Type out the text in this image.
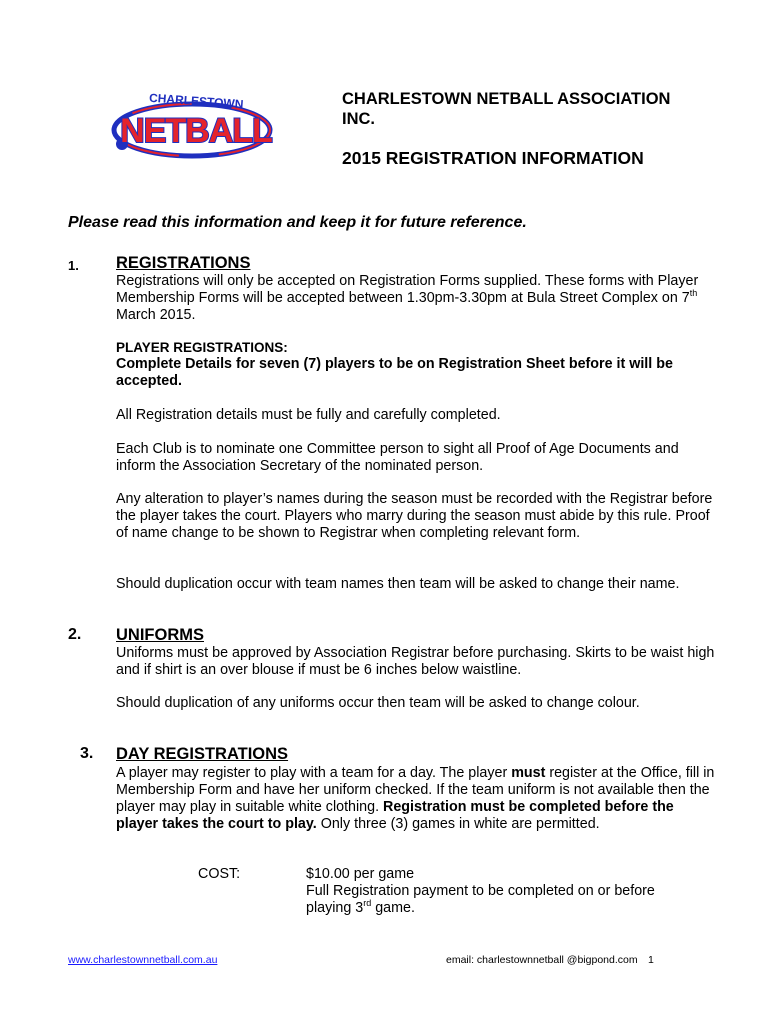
CHARLESTOWN
NETBALL
CHARLESTOWN NETBALL ASSOCIATION
INC.
2015 REGISTRATION INFORMATION
Please read this information and keep it for future reference.
1. REGISTRATIONS
Registrations will only be accepted on Registration Forms supplied. These forms with Player Membership Forms will be accepted between 1.30pm-3.30pm at Bula Street Complex on 7th March 2015.
PLAYER REGISTRATIONS:
Complete Details for seven (7) players to be on Registration Sheet before it will be accepted.
All Registration details must be fully and carefully completed.
Each Club is to nominate one Committee person to sight all Proof of Age Documents and inform the Association Secretary of the nominated person.
Any alteration to player’s names during the season must be recorded with the Registrar before the player takes the court. Players who marry during the season must abide by this rule. Proof of name change to be shown to Registrar when completing relevant form.
Should duplication occur with team names then team will be asked to change their name.
2. UNIFORMS
Uniforms must be approved by Association Registrar before purchasing. Skirts to be waist high and if shirt is an over blouse if must be 6 inches below waistline.
Should duplication of any uniforms occur then team will be asked to change colour.
3. DAY REGISTRATIONS
A player may register to play with a team for a day. The player must register at the Office, fill in Membership Form and have her uniform checked. If the team uniform is not available then the player may play in suitable white clothing. Registration must be completed before the player takes the court to play. Only three (3) games in white are permitted.
COST:	$10.00 per game
Full Registration payment to be completed on or before
playing 3rd game.
www.charlestownnetball.com.au	email: charlestownnetball @bigpond.com 1
